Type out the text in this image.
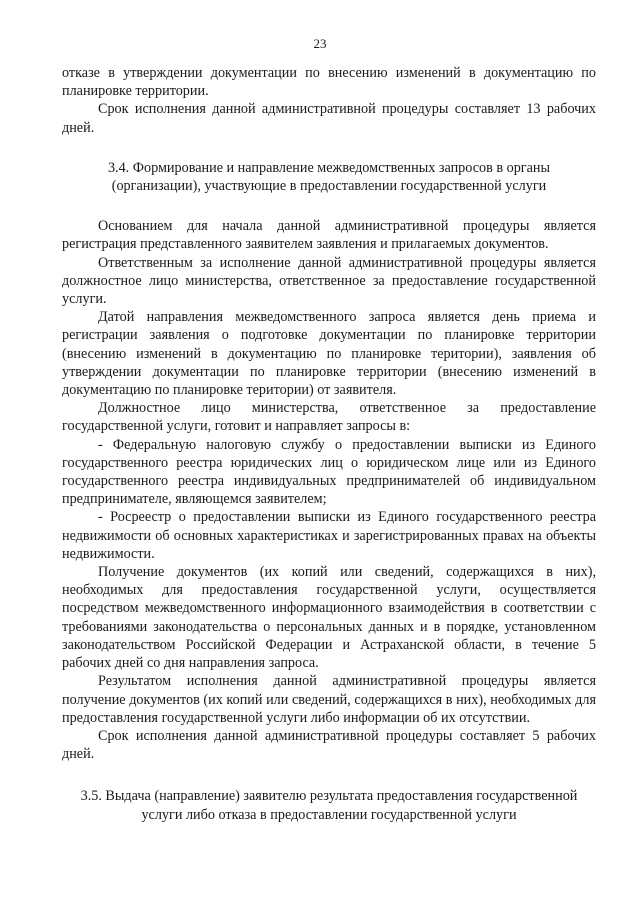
23

отказе в утверждении документации по внесению изменений в документацию по планировке территории.

Срок исполнения данной административной процедуры составляет 13 рабочих дней.

3.4. Формирование и направление межведомственных запросов в органы (организации), участвующие в предоставлении государственной услуги

Основанием для начала данной административной процедуры является регистрация представленного заявителем заявления и прилагаемых документов.

Ответственным за исполнение данной административной процедуры является должностное лицо министерства, ответственное за предоставление государственной услуги.

Датой направления межведомственного запроса является день приема и регистрации заявления о подготовке документации по планировке территории (внесению изменений в документацию по планировке територии), заявления об утверждении документации по планировке территории (внесению изменений в документацию по планировке територии) от заявителя.

Должностное лицо министерства, ответственное за предоставление государственной услуги, готовит и направляет запросы в:

- Федеральную налоговую службу о предоставлении выписки из Единого государственного реестра юридических лиц о юридическом лице или из Единого государственного реестра индивидуальных предпринимателей об индивидуальном предпринимателе, являющемся заявителем;

- Росреестр о предоставлении выписки из Единого государственного реестра недвижимости об основных характеристиках и зарегистрированных правах на объекты недвижимости.

Получение документов (их копий или сведений, содержащихся в них), необходимых для предоставления государственной услуги, осуществляется посредством межведомственного информационного взаимодействия в соответствии с требованиями законодательства о персональных данных и в порядке, установленном законодательством Российской Федерации и Астраханской области, в течение 5 рабочих дней со дня направления запроса.

Результатом исполнения данной административной процедуры является получение документов (их копий или сведений, содержащихся в них), необходимых для предоставления государственной услуги либо информации об их отсутствии.

Срок исполнения данной административной процедуры составляет 5 рабочих дней.

3.5. Выдача (направление) заявителю результата предоставления государственной услуги либо отказа в предоставлении государственной услуги
